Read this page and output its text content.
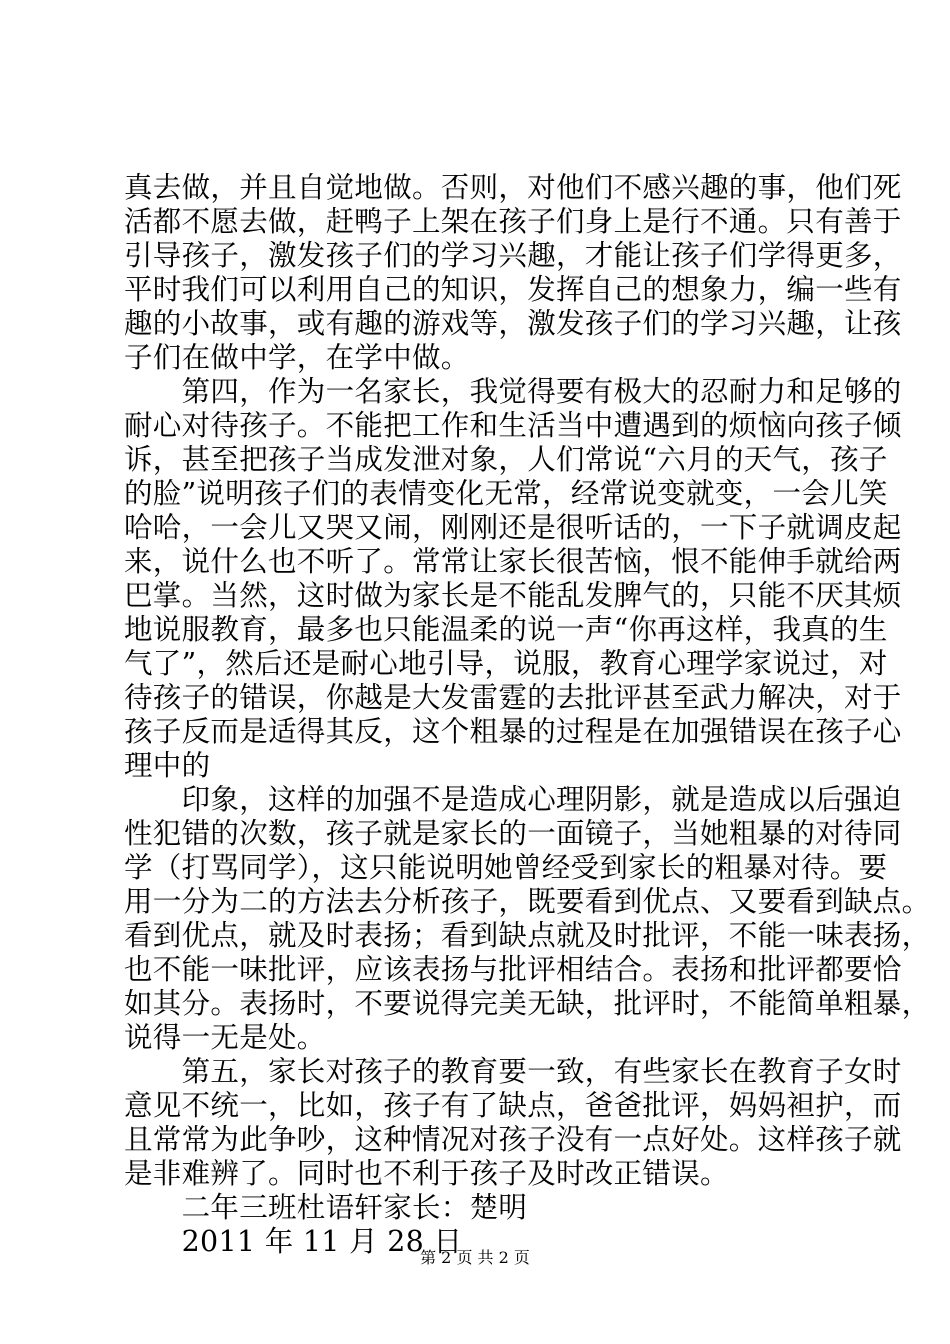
真去做，并且自觉地做。否则，对他们不感兴趣的事，他们死
活都不愿去做，赶鸭子上架在孩子们身上是行不通。只有善于
引导孩子，激发孩子们的学习兴趣，才能让孩子们学得更多，
平时我们可以利用自己的知识，发挥自己的想象力，编一些有
趣的小故事，或有趣的游戏等，激发孩子们的学习兴趣，让孩
子们在做中学，在学中做。
　　第四，作为一名家长，我觉得要有极大的忍耐力和足够的
耐心对待孩子。不能把工作和生活当中遭遇到的烦恼向孩子倾
诉，甚至把孩子当成发泄对象，人们常说“六月的天气，孩子
的脸”说明孩子们的表情变化无常，经常说变就变，一会儿笑
哈哈，一会儿又哭又闹，刚刚还是很听话的，一下子就调皮起
来，说什么也不听了。常常让家长很苦恼，恨不能伸手就给两
巴掌。当然，这时做为家长是不能乱发脾气的，只能不厌其烦
地说服教育，最多也只能温柔的说一声“你再这样，我真的生
气了”，然后还是耐心地引导，说服，教育心理学家说过，对
待孩子的错误，你越是大发雷霆的去批评甚至武力解决，对于
孩子反而是适得其反，这个粗暴的过程是在加强错误在孩子心
理中的
　　印象，这样的加强不是造成心理阴影，就是造成以后强迫
性犯错的次数，孩子就是家长的一面镜子，当她粗暴的对待同
学（打骂同学），这只能说明她曾经受到家长的粗暴对待。要
用一分为二的方法去分析孩子，既要看到优点、又要看到缺点。
看到优点，就及时表扬；看到缺点就及时批评，不能一味表扬，
也不能一味批评，应该表扬与批评相结合。表扬和批评都要恰
如其分。表扬时，不要说得完美无缺，批评时，不能简单粗暴，
说得一无是处。
　　第五，家长对孩子的教育要一致，有些家长在教育子女时
意见不统一，比如，孩子有了缺点，爸爸批评，妈妈袒护，而
且常常为此争吵，这种情况对孩子没有一点好处。这样孩子就
是非难辨了。同时也不利于孩子及时改正错误。
　　二年三班杜语轩家长：楚明
　　2011 年 11 月 28 日
第 2 页 共 2 页
